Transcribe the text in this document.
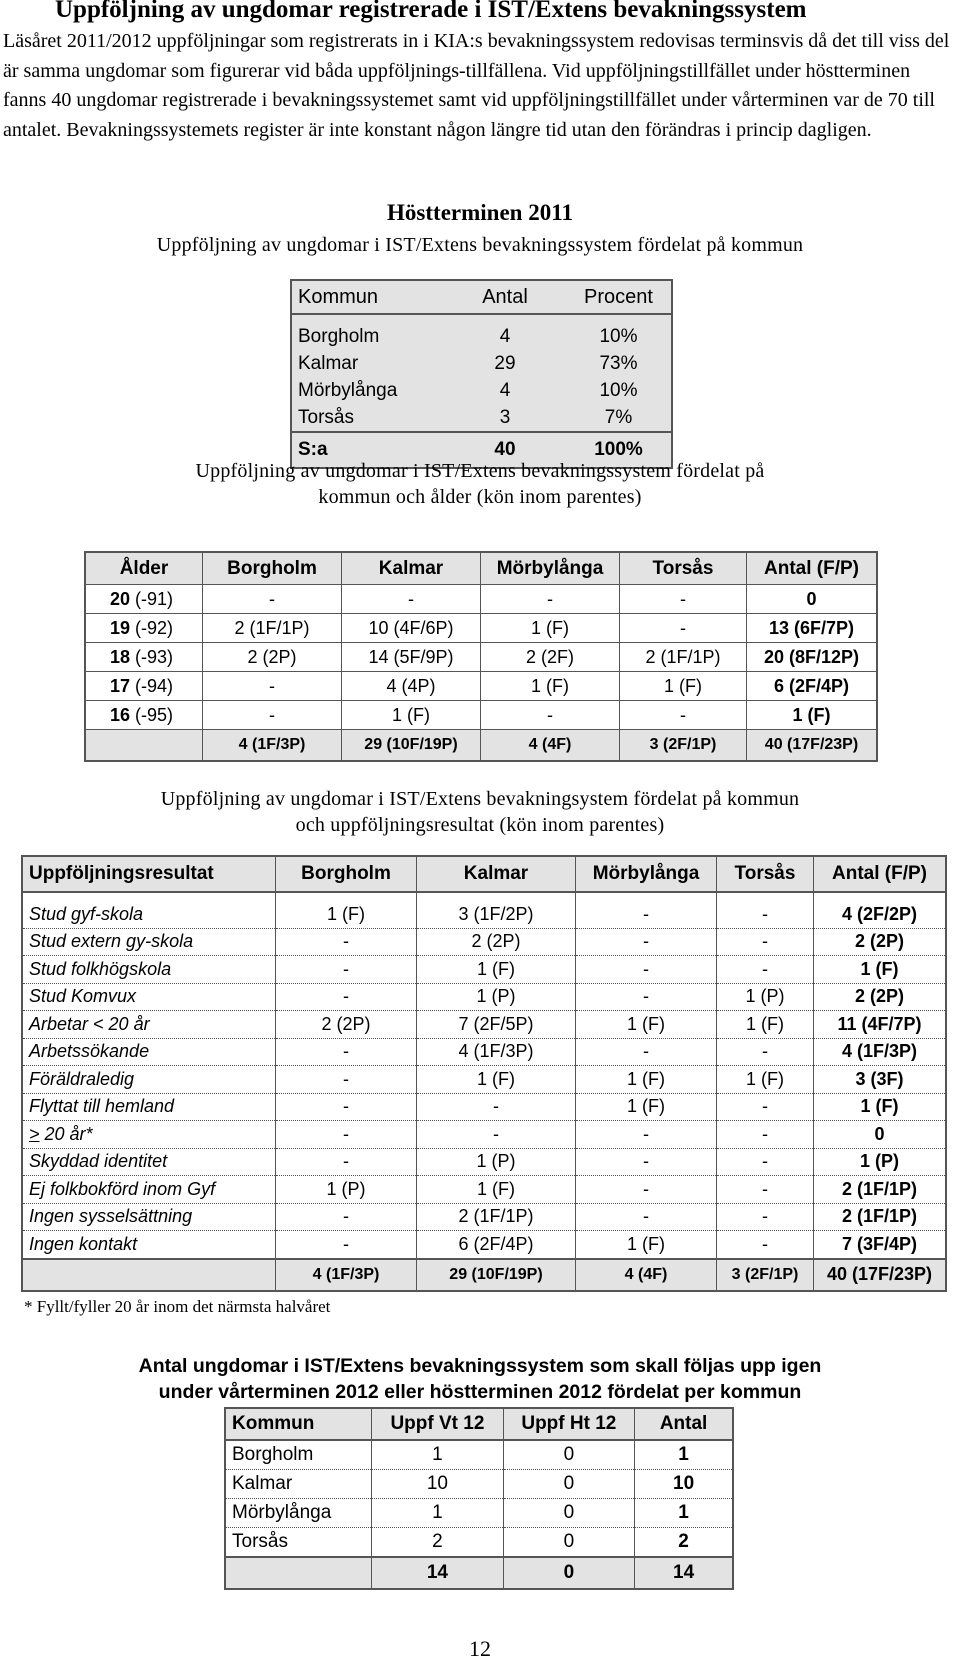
Uppföljning av ungdomar registrerade i IST/Extens bevakningssystem
Läsåret 2011/2012 uppföljningar som registrerats in i KIA:s bevakningssystem redovisas terminsvis då det till viss del är samma ungdomar som figurerar vid båda uppföljnings-tillfällena. Vid uppföljningstillfället under höstterminen fanns 40 ungdomar registrerade i bevakningssystemet samt vid uppföljningstillfället under vårterminen var de 70 till antalet. Bevakningssystemets register är inte konstant någon längre tid utan den förändras i princip dagligen.
Höstterminen 2011
Uppföljning av ungdomar i IST/Extens bevakningssystem fördelat på kommun
Kommun	Antal	Procent

Borgholm	4	10%
Kalmar	29	73%
Mörbylånga	4	10%
Torsås	3	7%
S:a	40	100%
Uppföljning av ungdomar i IST/Extens bevakningssystem fördelat på
kommun och ålder (kön inom parentes)
Ålder	Borgholm	Kalmar	Mörbylånga	Torsås	Antal (F/P)
20 (-91)	-	-	-	-	0
19 (-92)	2 (1F/1P)	10 (4F/6P)	1 (F)	-	13 (6F/7P)
18 (-93)	2 (2P)	14 (5F/9P)	2 (2F)	2 (1F/1P)	20 (8F/12P)
17 (-94)	-	4 (4P)	1 (F)	1 (F)	6 (2F/4P)
16 (-95)	-	1 (F)	-	-	1 (F)
	4 (1F/3P)	29 (10F/19P)	4 (4F)	3 (2F/1P)	40 (17F/23P)
Uppföljning av ungdomar i IST/Extens bevakningsystem fördelat på kommun
och uppföljningsresultat (kön inom parentes)
Uppföljningsresultat	Borgholm	Kalmar	Mörbylånga	Torsås	Antal (F/P)

Stud gyf-skola	1 (F)	3 (1F/2P)	-	-	4 (2F/2P)
Stud extern gy-skola	-	2 (2P)	-	-	2 (2P)
Stud folkhögskola	-	1 (F)	-	-	1 (F)
Stud Komvux	-	1 (P)	-	1 (P)	2 (2P)
Arbetar < 20 år	2 (2P)	7 (2F/5P)	1 (F)	1 (F)	11 (4F/7P)
Arbetssökande	-	4 (1F/3P)	-	-	4 (1F/3P)
Föräldraledig	-	1 (F)	1 (F)	1 (F)	3 (3F)
Flyttat till hemland	-	-	1 (F)	-	1 (F)
> 20 år*	-	-	-	-	0
Skyddad identitet	-	1 (P)	-	-	1 (P)
Ej folkbokförd inom Gyf	1 (P)	1 (F)	-	-	2 (1F/1P)
Ingen sysselsättning	-	2 (1F/1P)	-	-	2 (1F/1P)
Ingen kontakt	-	6 (2F/4P)	1 (F)	-	7 (3F/4P)
	4 (1F/3P)	29 (10F/19P)	4 (4F)	3 (2F/1P)	40 (17F/23P)
* Fyllt/fyller 20 år inom det närmsta halvåret
Antal ungdomar i IST/Extens bevakningssystem som skall följas upp igen
under vårterminen 2012 eller höstterminen 2012 fördelat per kommun
Kommun	Uppf Vt 12	Uppf Ht 12	Antal
Borgholm	1	0	1
Kalmar	10	0	10
Mörbylånga	1	0	1
Torsås	2	0	2
	14	0	14
12
